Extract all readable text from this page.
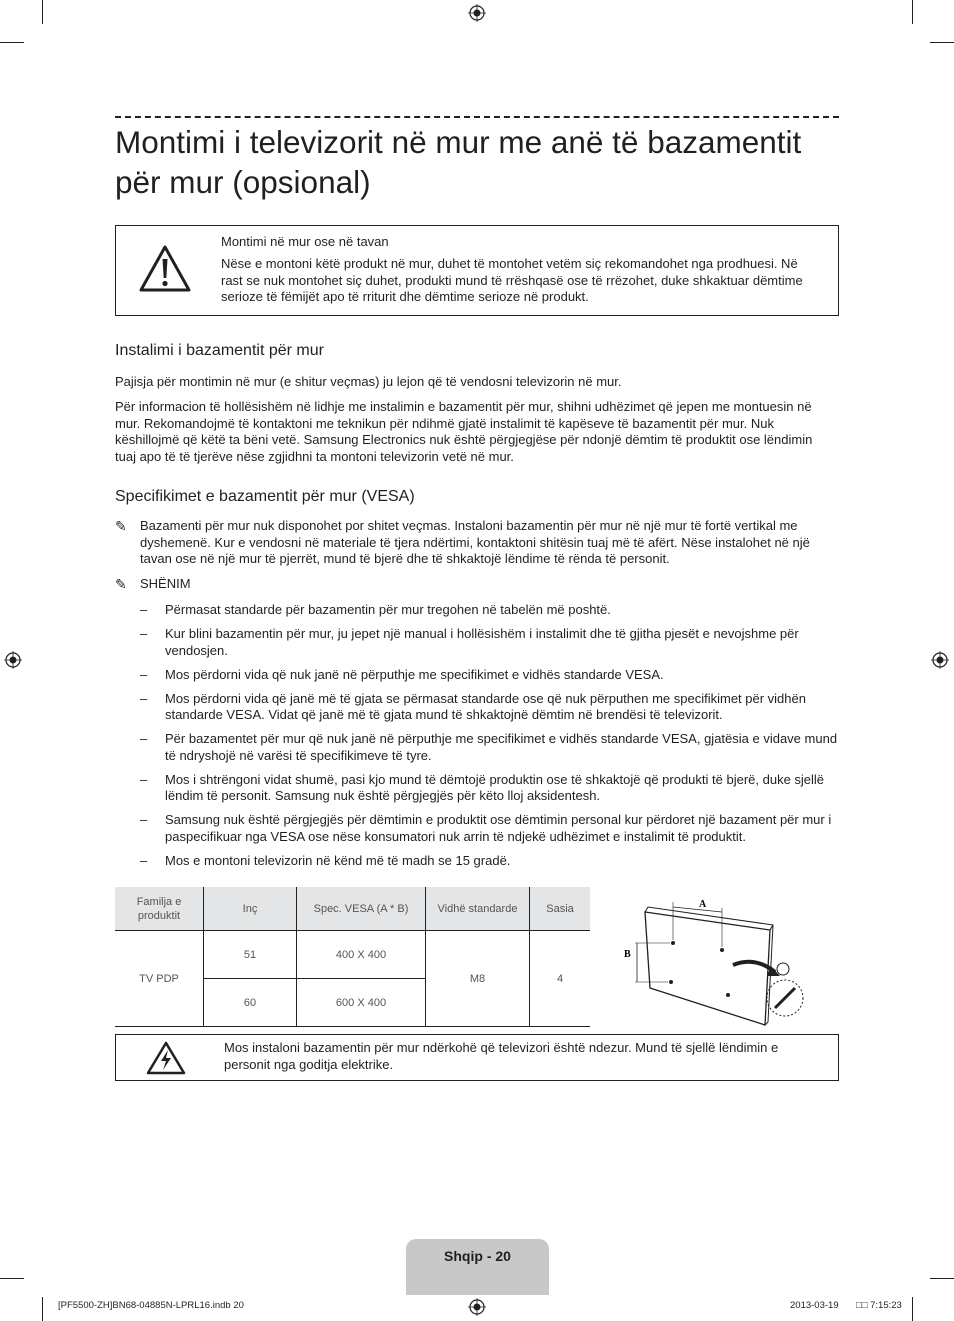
Montimi i televizorit në mur me anë të bazamentit për mur (opsional)

Montimi në mur ose në tavan

Nëse e montoni këtë produkt në mur, duhet të montohet vetëm siç rekomandohet nga prodhuesi. Në rast se nuk montohet siç duhet, produkti mund të rrëshqasë ose të rrëzohet, duke shkaktuar dëmtime serioze të fëmijët apo të rriturit dhe dëmtime serioze në produkt.

Instalimi i bazamentit për mur

Pajisja për montimin në mur (e shitur veçmas) ju lejon që të vendosni televizorin në mur.

Për informacion të hollësishëm në lidhje me instalimin e bazamentit për mur, shihni udhëzimet që jepen me montuesin në mur. Rekomandojmë të kontaktoni me teknikun për ndihmë gjatë instalimit të kapëseve të bazamentit për mur. Nuk këshillojmë që këtë ta bëni vetë. Samsung Electronics nuk është përgjegjëse për ndonjë dëmtim të produktit ose lëndimin tuaj apo të të tjerëve nëse zgjidhni ta montoni televizorin vetë në mur.

Specifikimet e bazamentit për mur (VESA)
✎ Bazamenti për mur nuk disponohet por shitet veçmas. Instaloni bazamentin për mur në një mur të fortë vertikal me dyshemenë. Kur e vendosni në materiale të tjera ndërtimi, kontaktoni shitësin tuaj më të afërt. Nëse instalohet në një tavan ose në një mur të pjerrët, mund të bjerë dhe të shkaktojë lëndime të rënda të personit.

✎ SHËNIM

– Përmasat standarde për bazamentin për mur tregohen në tabelën më poshtë.
– Kur blini bazamentin për mur, ju jepet një manual i hollësishëm i instalimit dhe të gjitha pjesët e nevojshme për vendosjen.
– Mos përdorni vida që nuk janë në përputhje me specifikimet e vidhës standarde VESA.
– Mos përdorni vida që janë më të gjata se përmasat standarde ose që nuk përputhen me specifikimet për vidhën standarde VESA. Vidat që janë më të gjata mund të shkaktojnë dëmtim në brendësi të televizorit.
– Për bazamentet për mur që nuk janë në përputhje me specifikimet e vidhës standarde VESA, gjatësia e vidave mund të ndryshojë në varësi të specifikimeve të tyre.
– Mos i shtrëngoni vidat shumë, pasi kjo mund të dëmtojë produktin ose të shkaktojë që produkti të bjerë, duke sjellë lëndim të personit. Samsung nuk është përgjegjës për këto lloj aksidentesh.
– Samsung nuk është përgjegjës për dëmtimin e produktit ose dëmtimin personal kur përdoret një bazament për mur i paspecifikuar nga VESA ose nëse konsumatori nuk arrin të ndjekë udhëzimet e instalimit të produktit.
– Mos e montoni televizorin në kënd më të madh se 15 gradë.
Familja e produktit	Inç	Spec. VESA (A * B)	Vidhë standarde	Sasia
TV PDP	51	400 X 400	M8	4
	60	600 X 400		
A
B

Mos instaloni bazamentin për mur ndërkohë që televizori është ndezur. Mund të sjellë lëndimin e personit nga goditja elektrike.

Shqip - 20
[PF5500-ZH]BN68-04885N-LPRL16.indb 20	2013-03-19 □□ 7:15:23
